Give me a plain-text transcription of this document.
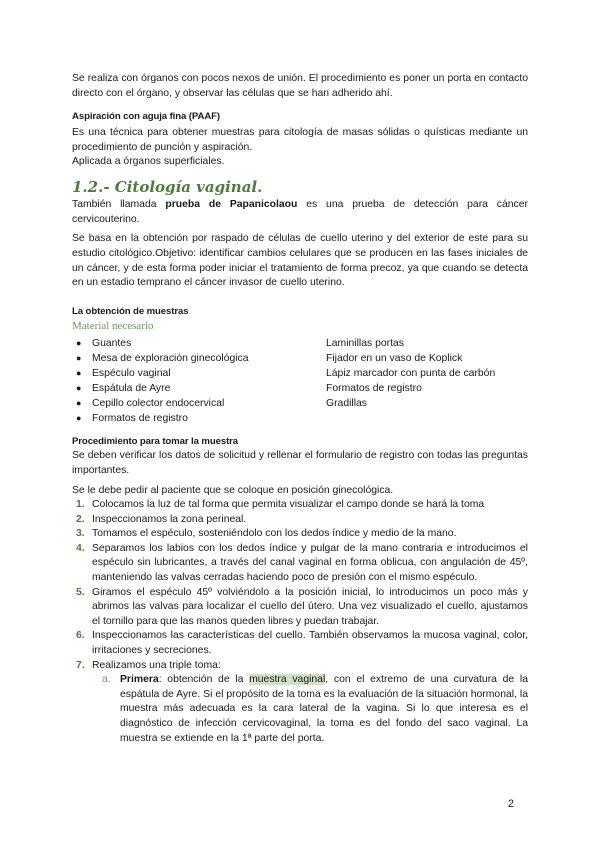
Se realiza con órganos con pocos nexos de unión. El procedimiento es poner un porta en contacto directo con el órgano, y observar las células que se han adherido ahí.

Aspiración con aguja fina (PAAF)

Es una técnica para obtener muestras para citología de masas sólidas o quísticas mediante un procedimiento de punción y aspiración.

Aplicada a órganos superficiales.

1.2.- Citología vaginal.

También llamada prueba de Papanicolaou es una prueba de detección para cáncer cervicouterino.

Se basa en la obtención por raspado de células de cuello uterino y del exterior de este para su estudio citológico.Objetivo: identificar cambios celulares que se producen en las fases iniciales de un cáncer, y de esta forma poder iniciar el tratamiento de forma precoz, ya que cuando se detecta en un estadio temprano el cáncer invasor de cuello uterino.

La obtención de muestras

Material necesario

● Guantes
● Mesa de exploración ginecológica
● Espéculo vaginal
● Espátula de Ayre
● Cepillo colector endocervical
● Formatos de registro
Laminillas portas
Fijador en un vaso de Koplick
Lápiz marcador con punta de carbón
Formatos de registro
Gradillas

Procedimiento para tomar la muestra

Se deben verificar los datos de solicitud y rellenar el formulario de registro con todas las preguntas importantes.

Se le debe pedir al paciente que se coloque en posición ginecológica.

1. Colocamos la luz de tal forma que permita visualizar el campo donde se hará la toma
2. Inspeccionamos la zona perineal.
3. Tomamos el espéculo, sosteniéndolo con los dedos índice y medio de la mano.
4. Separamos los labios con los dedos índice y pulgar de la mano contraria e introducimos el espéculo sin lubricantes, a través del canal vaginal en forma oblicua, con angulación de 45º, manteniendo las valvas cerradas haciendo poco de presión con el mismo espéculo.
5. Giramos el espéculo 45º volviéndolo a la posición inicial, lo introducimos un poco más y abrimos las valvas para localizar el cuello del útero. Una vez visualizado el cuello, ajustamos el tornillo para que las manos queden libres y puedan trabajar.
6. Inspeccionamos las características del cuello. También observamos la mucosa vaginal, color, irritaciones y secreciones.
7. Realizamos una triple toma:
a. Primera: obtención de la muestra vaginal, con el extremo de una curvatura de la espátula de Ayre. Si el propósito de la toma es la evaluación de la situación hormonal, la muestra más adecuada es la cara lateral de la vagina. Si lo que interesa es el diagnóstico de infección cervicovaginal, la toma es del fondo del saco vaginal. La muestra se extiende en la 1ª parte del porta.
2
